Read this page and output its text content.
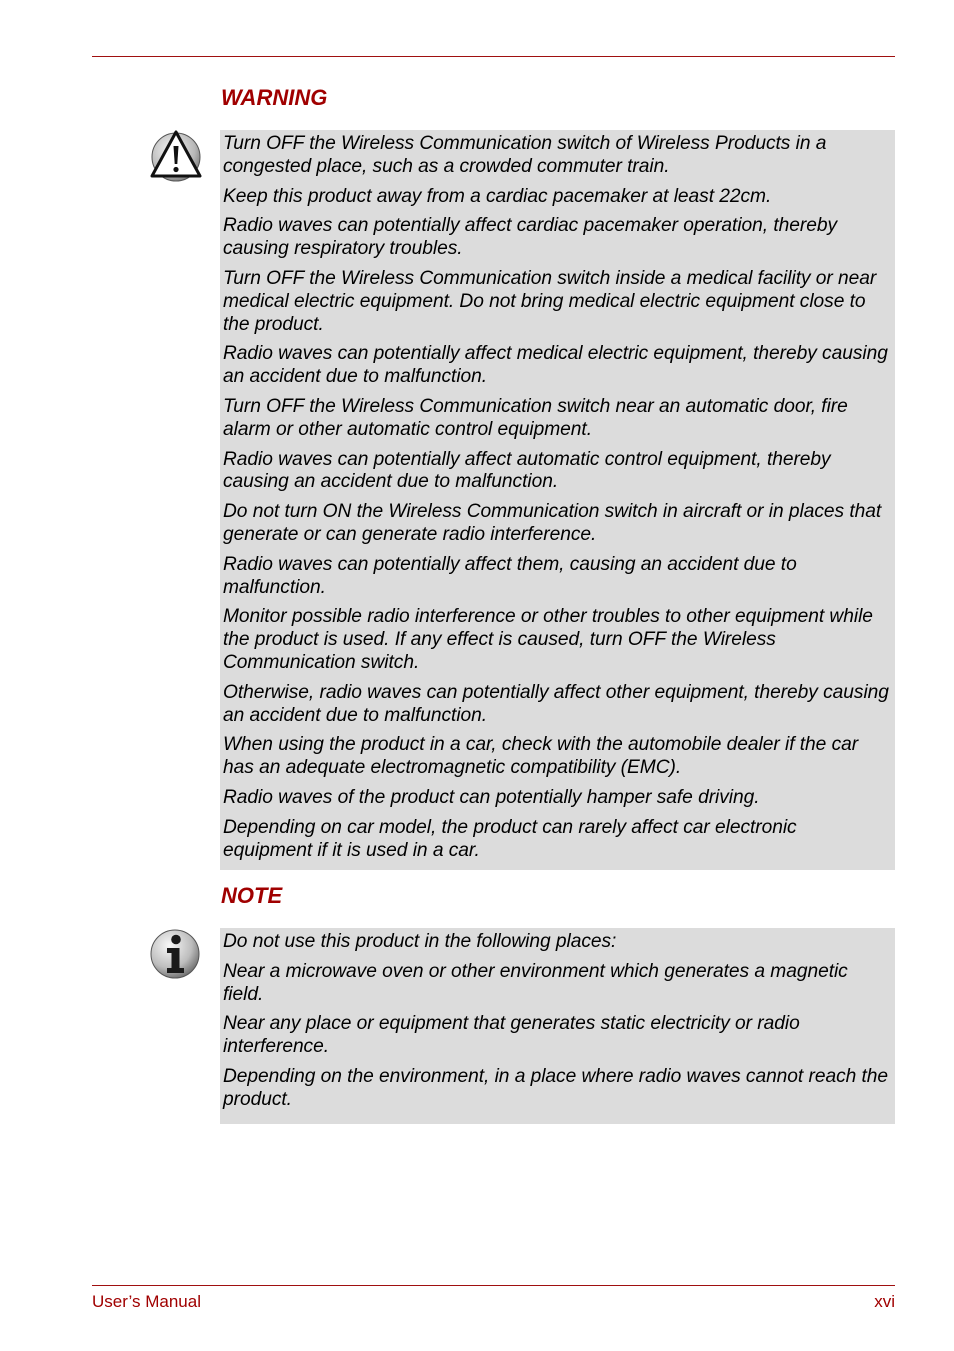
WARNING

Turn OFF the Wireless Communication switch of Wireless Products in a congested place, such as a crowded commuter train.

Keep this product away from a cardiac pacemaker at least 22cm.

Radio waves can potentially affect cardiac pacemaker operation, thereby causing respiratory troubles.

Turn OFF the Wireless Communication switch inside a medical facility or near medical electric equipment. Do not bring medical electric equipment close to the product.

Radio waves can potentially affect medical electric equipment, thereby causing an accident due to malfunction.

Turn OFF the Wireless Communication switch near an automatic door, fire alarm or other automatic control equipment.

Radio waves can potentially affect automatic control equipment, thereby causing an accident due to malfunction.

Do not turn ON the Wireless Communication switch in aircraft or in places that generate or can generate radio interference.

Radio waves can potentially affect them, causing an accident due to malfunction.

Monitor possible radio interference or other troubles to other equipment while the product is used. If any effect is caused, turn OFF the Wireless Communication switch.

Otherwise, radio waves can potentially affect other equipment, thereby causing an accident due to malfunction.

When using the product in a car, check with the automobile dealer if the car has an adequate electromagnetic compatibility (EMC).

Radio waves of the product can potentially hamper safe driving.

Depending on car model, the product can rarely affect car electronic equipment if it is used in a car.

NOTE

Do not use this product in the following places:

Near a microwave oven or other environment which generates a magnetic field.

Near any place or equipment that generates static electricity or radio interference.

Depending on the environment, in a place where radio waves cannot reach the product.

User’s Manual	xvi
